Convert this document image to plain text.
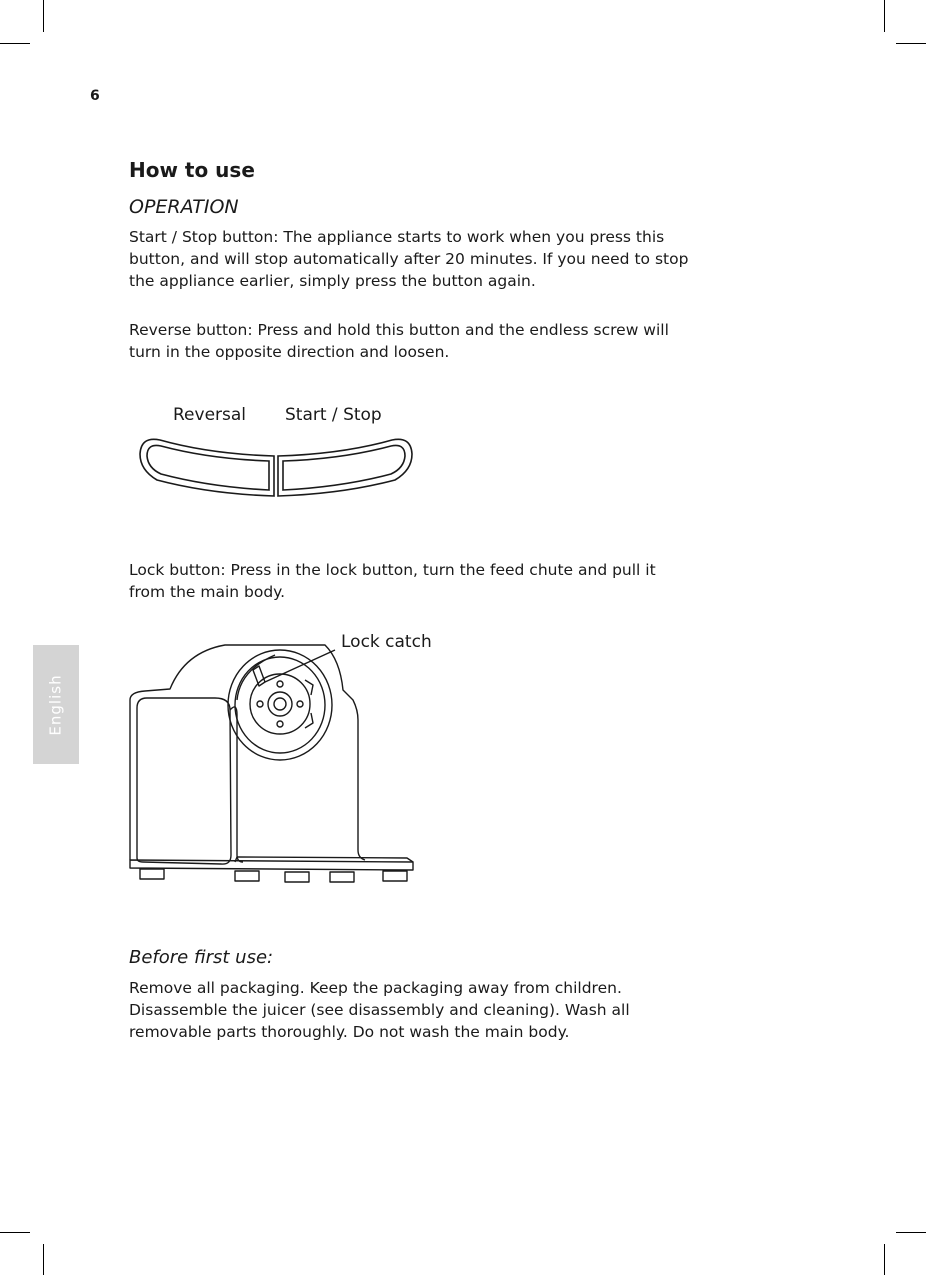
6
English
How to use
OPERATION

Start / Stop button: The appliance starts to work when you press this button, and will stop automatically after 20 minutes. If you need to stop the appliance earlier, simply press the button again.

Reverse button: Press and hold this button and the endless screw will turn in the opposite direction and loosen.

Reversal Start / Stop

Lock button: Press in the lock button, turn the feed chute and pull it from the main body.

Lock catch
Before first use:

Remove all packaging. Keep the packaging away from children. Disassemble the juicer (see disassembly and cleaning). Wash all removable parts thoroughly. Do not wash the main body.
